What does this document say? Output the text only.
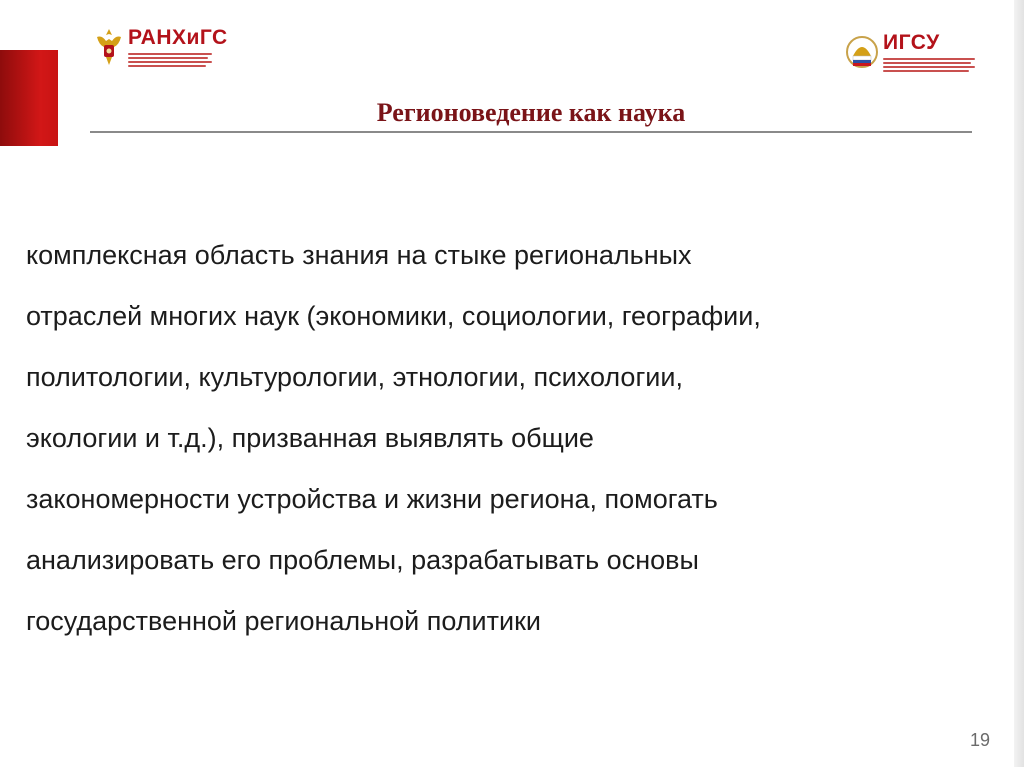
РАНХиГС	ИГСУ
Регионоведение как наука
комплексная область знания на стыке региональных
отраслей многих наук (экономики, социологии, географии,
политологии, культурологии, этнологии, психологии,
экологии и т.д.), призванная выявлять общие
закономерности устройства и жизни региона, помогать
анализировать его проблемы, разрабатывать основы
государственной региональной политики
19
